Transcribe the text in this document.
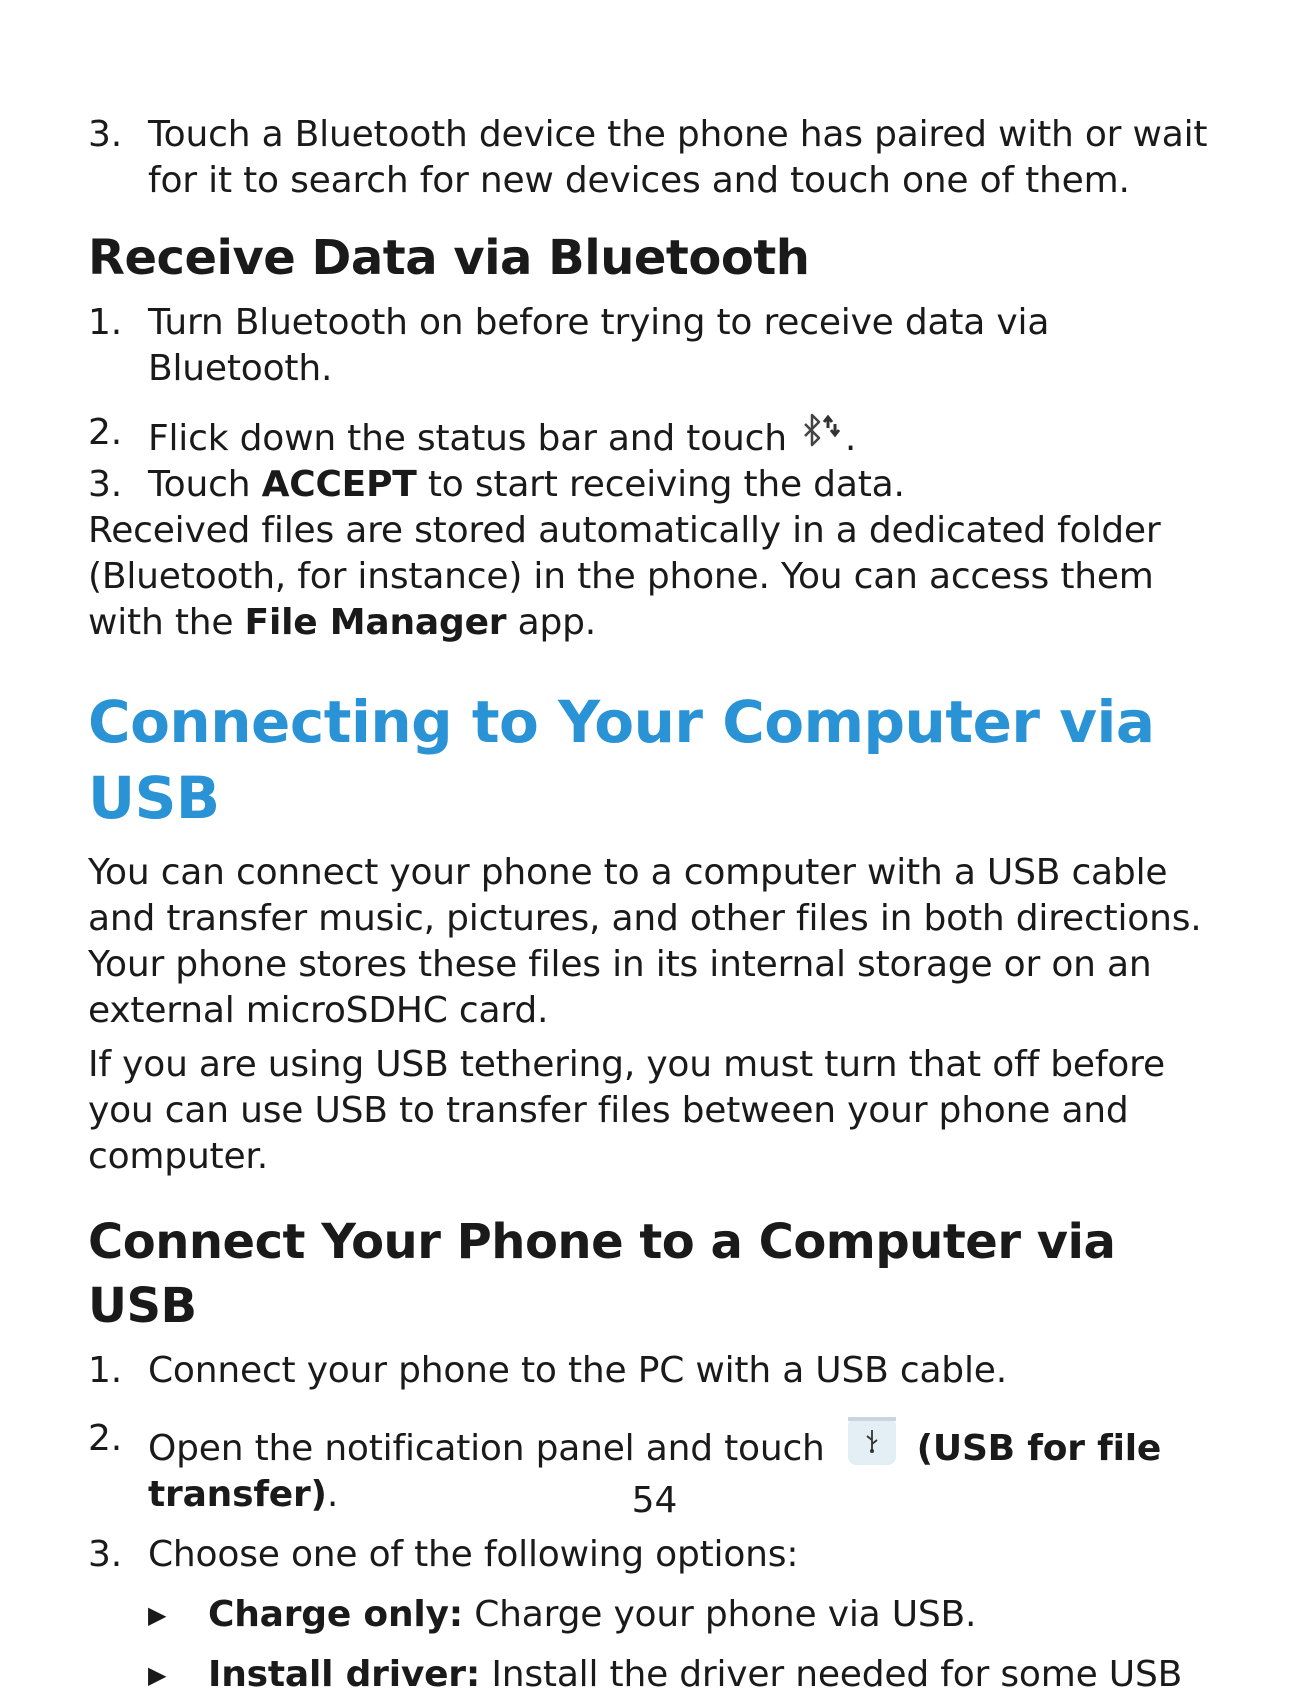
3. Touch a Bluetooth device the phone has paired with or wait for it to search for new devices and touch one of them.
Receive Data via Bluetooth
1. Turn Bluetooth on before trying to receive data via Bluetooth.
2. Flick down the status bar and touch .
3. Touch ACCEPT to start receiving the data.

Received files are stored automatically in a dedicated folder (Bluetooth, for instance) in the phone. You can access them with the File Manager app.

Connecting to Your Computer via USB

You can connect your phone to a computer with a USB cable and transfer music, pictures, and other files in both directions. Your phone stores these files in its internal storage or on an external microSDHC card.

If you are using USB tethering, you must turn that off before you can use USB to transfer files between your phone and computer.

Connect Your Phone to a Computer via USB
1. Connect your phone to the PC with a USB cable.
2. Open the notification panel and touch	(USB for file transfer).
3. Choose one of the following options:
▶	Charge only: Charge your phone via USB.
▶	Install driver: Install the driver needed for some USB
54
